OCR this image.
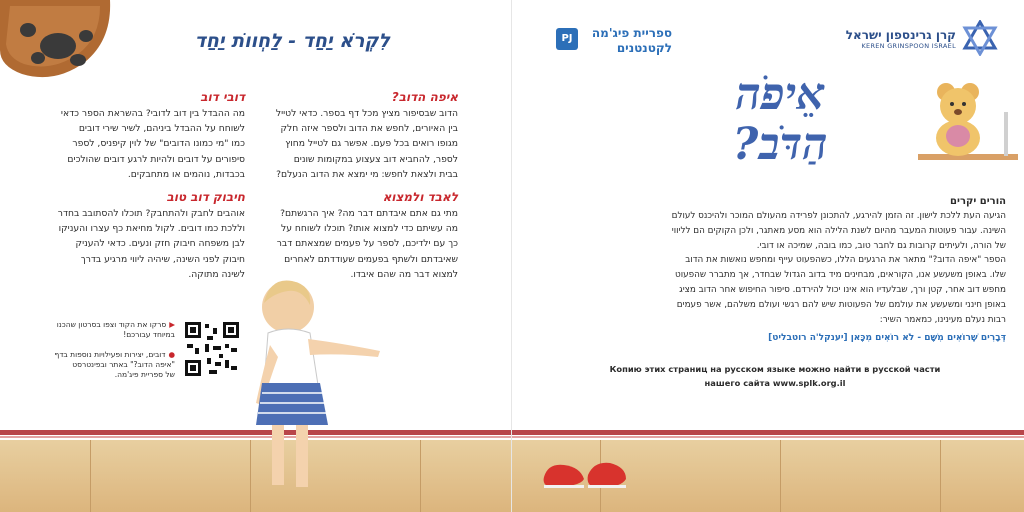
לִקְרֹא יַחַד - לַחְווֹת יַחַד
איפה הדוב?
הדוב שבסיפור מציץ מכל דף בספר. כדאי לטייל
בין האיורים, לחפש את הדוב ולספר איזה חלק
מגופו רואים בכל פעם. אפשר גם לטייל מחוץ
לספר, להחביא דוב צעצוע במקומות שונים
בבית ולצאת לחפש: מי ימצא את הדוב הנעלם?
דובי דוב
מה ההבדל בין דוב לדובי? בהשראת הספר כדאי
לשוחח על ההבדל ביניהם, לשיר שירי דובים
כמו "מי כמונו הדובים" של לוין קיפניס, לספר
סיפורים על דובים ולהיות לרגע דובים שהולכים
בכבדות, נוהמים או מתחבקים.
לאבד ולמצוא
מתי גם אתם איבדתם דבר מה? איך הרגשתם?
מה עשיתם כדי למצוא אותו? תוכלו לשוחח על
כך עם ילדיכם, לספר על פעמים שמצאתם דבר
שאיבדתם ולשתף בפעמים שעודדתם לאחרים
למצוא דבר מה שהם איבדו.
חיבוק דוב טוב
אוהבים לחבק ולהתחבק? תוכלו להסתובב בחדר
וללכת כמו דובים. לקול מחיאת כף עצרו והעניקו
לבן משפחה חיבוק חזק ונעים. כדאי להעניק
חיבוק לפני השינה, שיהיה ליווי מרגיע בדרך
לשינה מתוקה.
▶
סרקו את הקוד וצפו בסרטון שהכנו
במיוחד עבורכם!
●
דובים, יצירות ופעילויות נוספות בדף
"איפה הדוב?" באתר ובפינטרסט
של ספריית פיג'מה.
קרן גרינספון ישראל
KEREN GRINSPOON ISRAEL
PJ	ספריית פיג'מה
לקטנטנים
אֵיפֹה
הַדֹּב?
הורים יקרים
הגיעה העת ללכת לישון. זה הזמן להירגע, להתכונן לפרידה מהעולם המוכר ולהיכנס לעולם
השינה. עבור פעוטות המעבר מהיום לשנת הלילה הוא מסע מאתגר, ולכן הקוקים הם לליווי
של הורה, ולעיתים קרובות גם לחבר טוב, כמו בובה, שמיכה או דובי.
הספר "איפה הדוב?" מתאר את הרגעים הללו, כשהפעוט עייף ומחפש נואשות את הדוב
שלו. באופן משעשע אנו, הקוראים, מבחינים מיד בדוב הגדול שבחדר, אך מתברר שהפעוט
מחפש דוב אחר, קטן ורך, שבלעדיו הוא אינו יכול להירדם. סיפור החיפוש אחר הדוב מציג
באופן חינני ומשעשע את עולמם של הפעוטות שיש להם רגשי ועולם משלהם, אשר פעמים
רבות נעלם מעינינו, כמאמר השיר:
דְּבָרִים שֶׁרוֹאִים מִשָּׁם - לֹא רוֹאִים מִכָּאן [יענקל'ה רוטבליט]
Копию этих страниц на русском языке можно найти в русской части
нашего сайта www.splk.org.il
